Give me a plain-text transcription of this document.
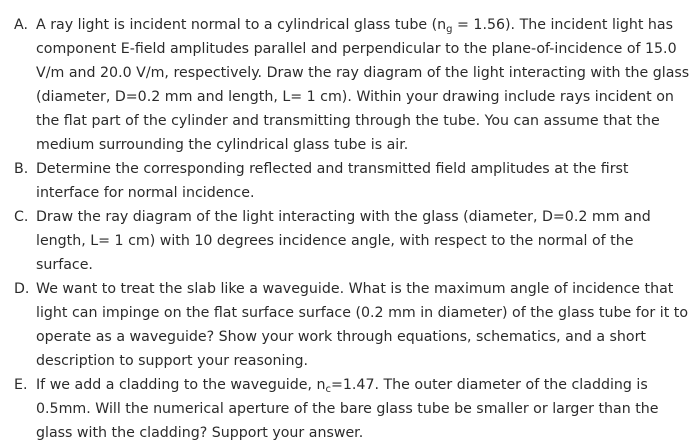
A. A ray light is incident normal to a cylindrical glass tube $(n_g = 1.56)$. The incident light has component E-field amplitudes parallel and perpendicular to the plane-of-incidence of 15.0 V/m and 20.0 V/m, respectively. Draw the ray diagram of the light interacting with the glass (diameter, D=0.2 mm and length, L= 1 cm). Within your drawing include rays incident on the flat part of the cylinder and transmitting through the tube. You can assume that the medium surrounding the cylindrical glass tube is air.
B. Determine the corresponding reflected and transmitted field amplitudes at the first interface for normal incidence.
C. Draw the ray diagram of the light interacting with the glass (diameter, D=0.2 mm and length, L= 1 cm) with 10 degrees incidence angle, with respect to the normal of the surface.
D. We want to treat the slab like a waveguide. What is the maximum angle of incidence that light can impinge on the flat surface surface (0.2 mm in diameter) of the glass tube for it to operate as a waveguide? Show your work through equations, schematics, and a short description to support your reasoning.
E. If we add a cladding to the waveguide, $n_c=1.47$. The outer diameter of the cladding is 0.5mm. Will the numerical aperture of the bare glass tube be smaller or larger than the glass with the cladding? Support your answer.
